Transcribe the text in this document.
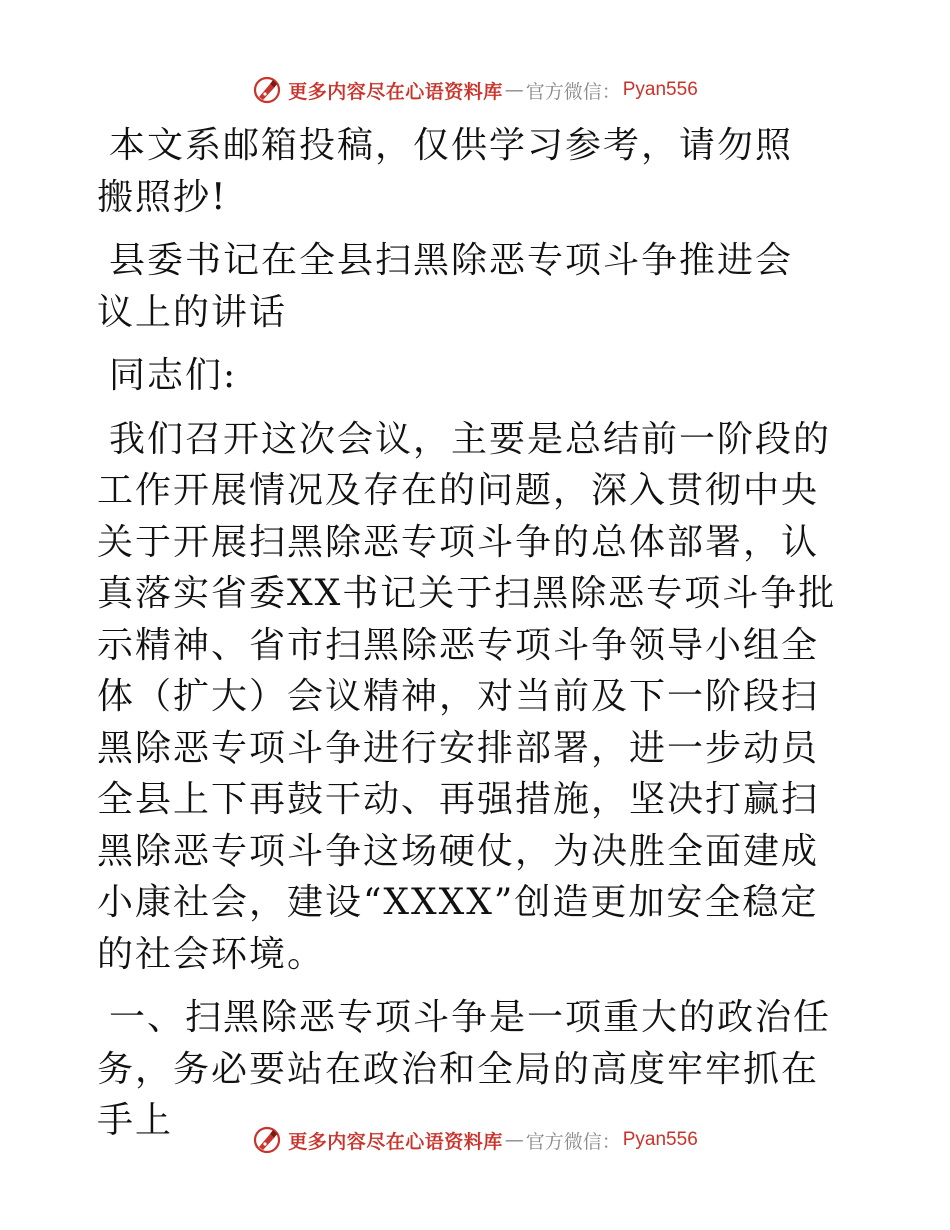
更多内容尽在心语资料库 — 官方微信： Pyan556

本文系邮箱投稿，仅供学习参考，请勿照搬照抄!

县委书记在全县扫黑除恶专项斗争推进会议上的讲话

同志们:

我们召开这次会议，主要是总结前一阶段的工作开展情况及存在的问题，深入贯彻中央关于开展扫黑除恶专项斗争的总体部署，认真落实省委XX书记关于扫黑除恶专项斗争批示精神、省市扫黑除恶专项斗争领导小组全体（扩大）会议精神，对当前及下一阶段扫黑除恶专项斗争进行安排部署，进一步动员全县上下再鼓干动、再强措施，坚决打赢扫黑除恶专项斗争这场硬仗，为决胜全面建成小康社会，建设“XXXX”创造更加安全稳定的社会环境。

一、扫黑除恶专项斗争是一项重大的政治任务，务必要站在政治和全局的高度牢牢抓在手上

更多内容尽在心语资料库 — 官方微信： Pyan556
